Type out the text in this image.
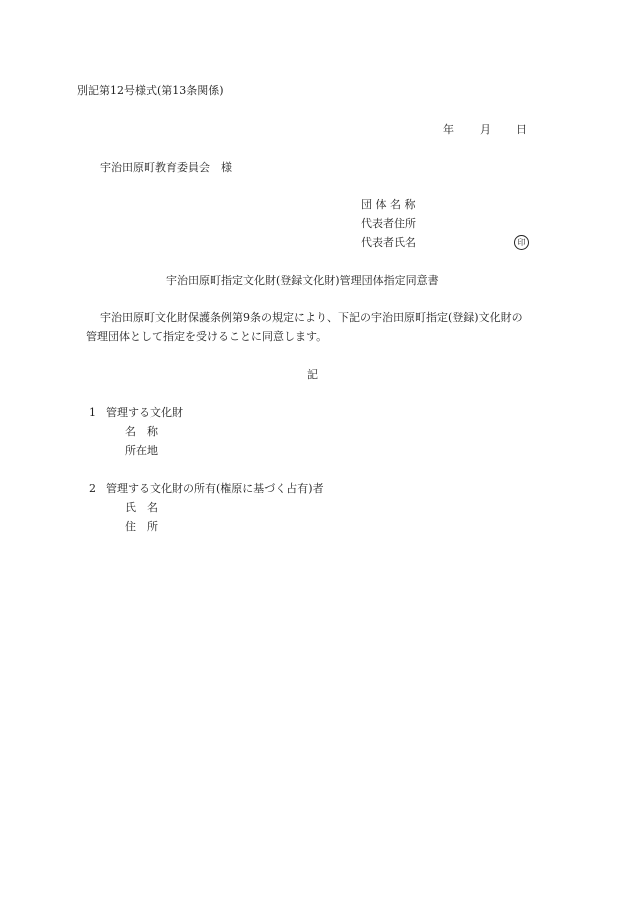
別記第12号様式(第13条関係)
年 月 日
宇治田原町教育委員会　様
団 体 名 称
代表者住所
代表者氏名	印
宇治田原町指定文化財(登録文化財)管理団体指定同意書
宇治田原町文化財保護条例第9条の規定により、下記の宇治田原町指定(登録)文化財の
管理団体として指定を受けることに同意します。
記
1 管理する文化財
名　称
所在地
2 管理する文化財の所有(権原に基づく占有)者
氏　名
住　所
